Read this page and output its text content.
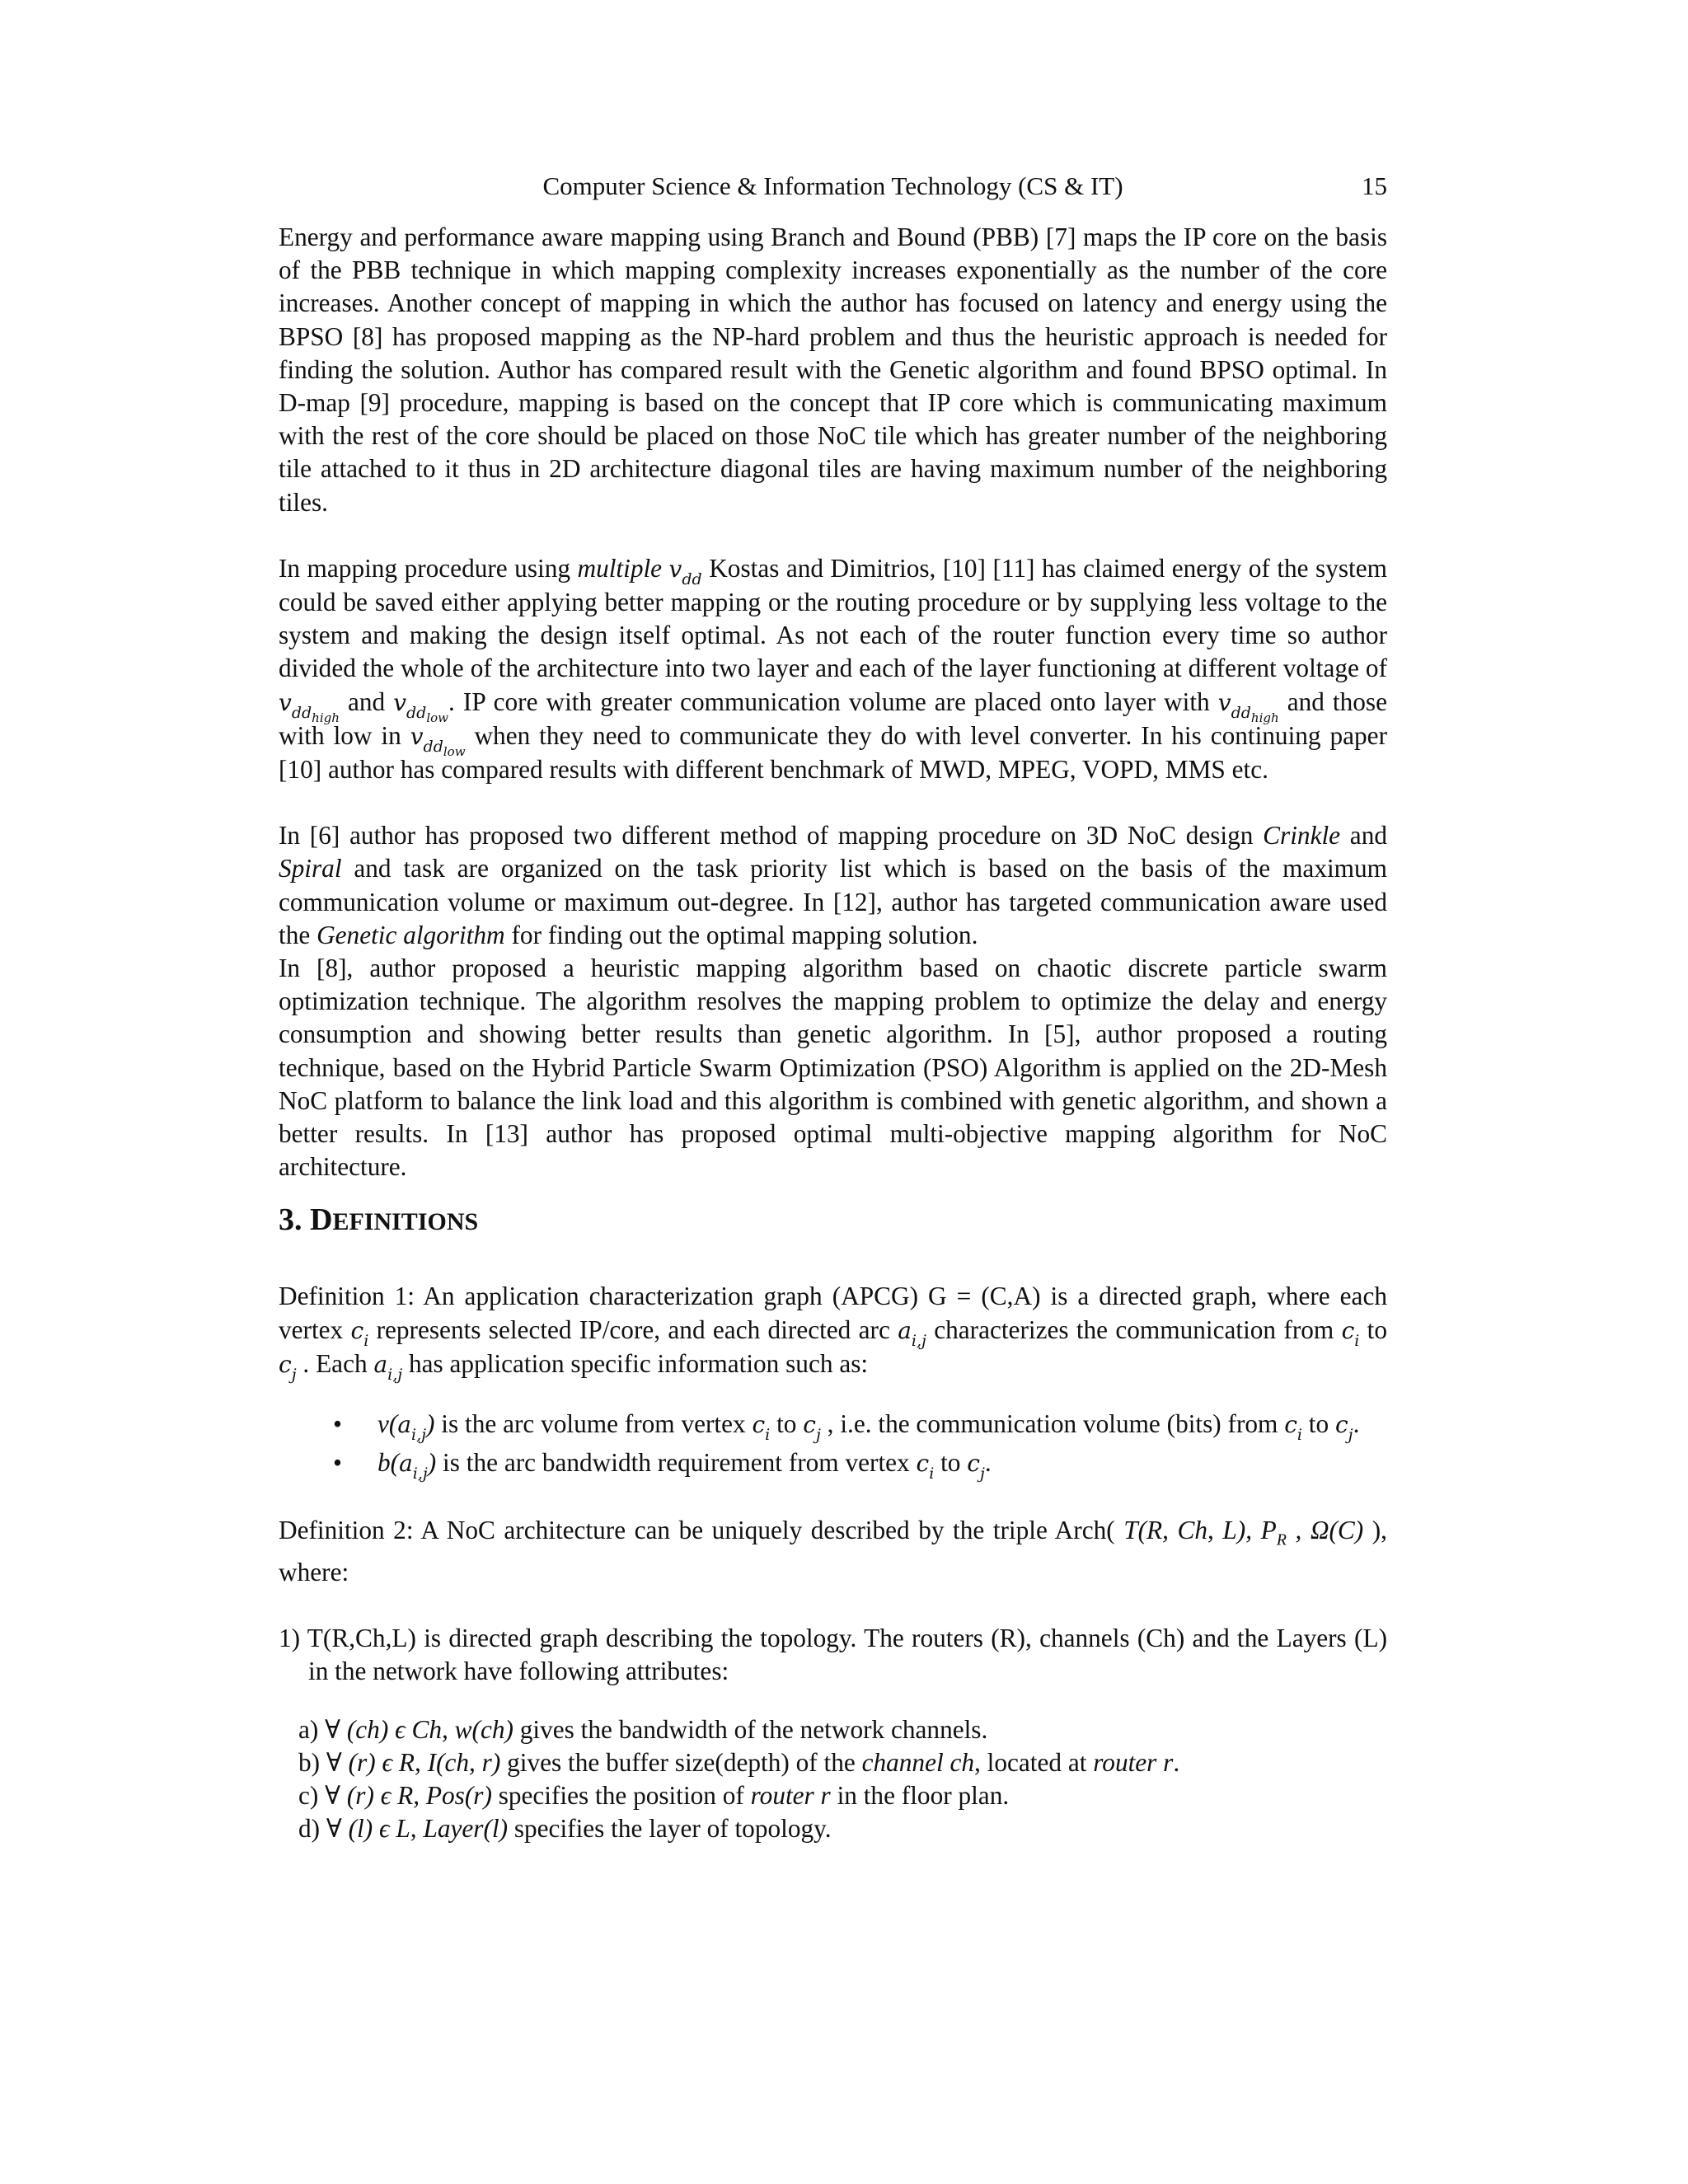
Computer Science & Information Technology (CS & IT)	15

Energy and performance aware mapping using Branch and Bound (PBB) [7] maps the IP core on the basis of the PBB technique in which mapping complexity increases exponentially as the number of the core increases. Another concept of mapping in which the author has focused on latency and energy using the BPSO [8] has proposed mapping as the NP-hard problem and thus the heuristic approach is needed for finding the solution. Author has compared result with the Genetic algorithm and found BPSO optimal. In D-map [9] procedure, mapping is based on the concept that IP core which is communicating maximum with the rest of the core should be placed on those NoC tile which has greater number of the neighboring tile attached to it thus in 2D architecture diagonal tiles are having maximum number of the neighboring tiles.

In mapping procedure using multiple $v_{dd}$ Kostas and Dimitrios, [10] [11] has claimed energy of the system could be saved either applying better mapping or the routing procedure or by supplying less voltage to the system and making the design itself optimal. As not each of the router function every time so author divided the whole of the architecture into two layer and each of the layer functioning at different voltage of $v_{dd_{high}}$ and $v_{dd_{low}}$. IP core with greater communication volume are placed onto layer with $v_{dd_{high}}$ and those with low in $v_{dd_{low}}$ when they need to communicate they do with level converter. In his continuing paper [10] author has compared results with different benchmark of MWD, MPEG, VOPD, MMS etc.

In [6] author has proposed two different method of mapping procedure on 3D NoC design Crinkle and Spiral and task are organized on the task priority list which is based on the basis of the maximum communication volume or maximum out-degree. In [12], author has targeted communication aware used the Genetic algorithm for finding out the optimal mapping solution.

In [8], author proposed a heuristic mapping algorithm based on chaotic discrete particle swarm optimization technique. The algorithm resolves the mapping problem to optimize the delay and energy consumption and showing better results than genetic algorithm. In [5], author proposed a routing technique, based on the Hybrid Particle Swarm Optimization (PSO) Algorithm is applied on the 2D-Mesh NoC platform to balance the link load and this algorithm is combined with genetic algorithm, and shown a better results. In [13] author has proposed optimal multi-objective mapping algorithm for NoC architecture.

3. DEFINITIONS

Definition 1: An application characterization graph (APCG) G = (C,A) is a directed graph, where each vertex $c_i$ represents selected IP/core, and each directed arc $a_{i,j}$ characterizes the communication from $c_i$ to $c_j$ . Each $a_{i,j}$ has application specific information such as:

• $v(a_{i,j})$ is the arc volume from vertex $c_i$ to $c_j$ , i.e. the communication volume (bits) from $c_i$ to $c_j$.
• $b(a_{i,j})$ is the arc bandwidth requirement from vertex $c_i$ to $c_j$.

Definition 2: A NoC architecture can be uniquely described by the triple Arch( T(R, Ch, L), $P_R$ , Ω(C) ), where:

1) T(R,Ch,L) is directed graph describing the topology. The routers (R), channels (Ch) and the Layers (L) in the network have following attributes:

a) ∀ (ch) ϵ Ch, w(ch) gives the bandwidth of the network channels.
b) ∀ (r) ϵ R, I(ch, r) gives the buffer size(depth) of the channel ch, located at router r.
c) ∀ (r) ϵ R, Pos(r) specifies the position of router r in the floor plan.
d) ∀ (l) ϵ L, Layer(l) specifies the layer of topology.
